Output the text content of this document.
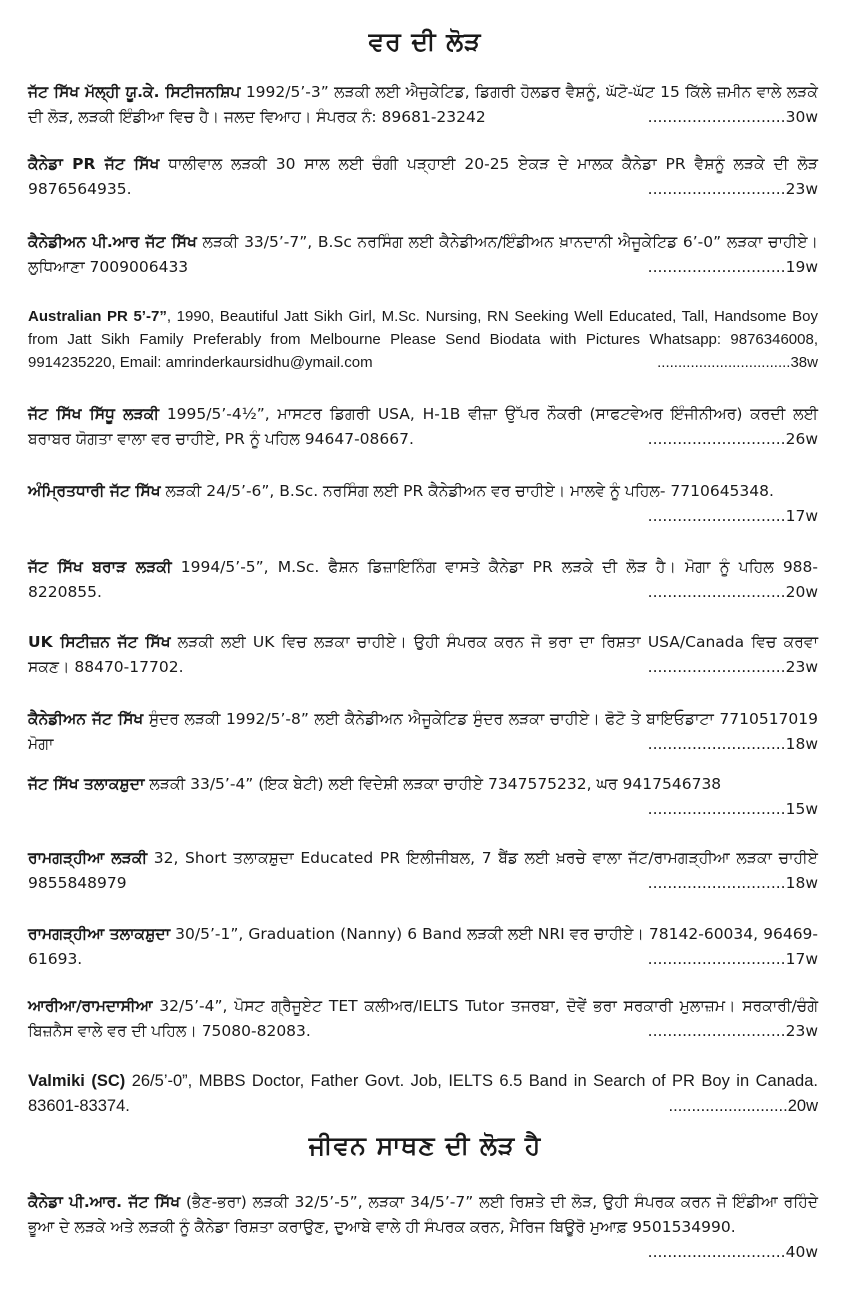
ਵਰ ਦੀ ਲੋੜ
ਜੱਟ ਸਿੱਖ ਮੱਲ੍ਹੀ ਯੂ.ਕੇ. ਸਿਟੀਜਨਸ਼ਿਪ 1992/5’-3” ਲੜਕੀ ਲਈ ਐਜੁਕੇਟਿਡ, ਡਿਗਰੀ ਹੋਲਡਰ ਵੈਸ਼ਨੂੰ, ਘੱਟੋ-ਘੱਟ 15 ਕਿੱਲੇ ਜ਼ਮੀਨ ਵਾਲੇ ਲੜਕੇ ਦੀ ਲੋੜ, ਲੜਕੀ ਇੰਡੀਆ ਵਿਚ ਹੈ। ਜਲਦ ਵਿਆਹ। ਸੰਪਰਕ ਨੰ: 89681-23242	............................30w
ਕੈਨੇਡਾ PR ਜੱਟ ਸਿੱਖ ਧਾਲੀਵਾਲ ਲੜਕੀ 30 ਸਾਲ ਲਈ ਚੰਗੀ ਪੜ੍ਹਾਈ 20-25 ਏਕੜ ਦੇ ਮਾਲਕ ਕੈਨੇਡਾ PR ਵੈਸ਼ਨੂੰ ਲੜਕੇ ਦੀ ਲੋੜ 9876564935.	............................23w
ਕੈਨੇਡੀਅਨ ਪੀ.ਆਰ ਜੱਟ ਸਿੱਖ ਲੜਕੀ 33/5’-7”, B.Sc ਨਰਸਿੰਗ ਲਈ ਕੈਨੇਡੀਅਨ/ਇੰਡੀਅਨ ਖ਼ਾਨਦਾਨੀ ਐਜੂਕੇਟਿਡ 6’-0” ਲੜਕਾ ਚਾਹੀਏ। ਲੁਧਿਆਣਾ 7009006433	............................19w
Australian PR 5’-7”, 1990, Beautiful Jatt Sikh Girl, M.Sc. Nursing, RN Seeking Well Educated, Tall, Handsome Boy from Jatt Sikh Family Preferably from Melbourne Please Send Biodata with Pictures Whatsapp: 9876346008, 9914235220, Email: amrinderkaursidhu@ymail.com	................................38w
ਜੱਟ ਸਿੱਖ ਸਿੱਧੂ ਲੜਕੀ 1995/5’-4½”, ਮਾਸਟਰ ਡਿਗਰੀ USA, H-1B ਵੀਜ਼ਾ ਉੱਪਰ ਨੌਕਰੀ (ਸਾਫਟਵੇਅਰ ਇੰਜੀਨੀਅਰ) ਕਰਦੀ ਲਈ ਬਰਾਬਰ ਯੋਗਤਾ ਵਾਲਾ ਵਰ ਚਾਹੀਏ, PR ਨੂੰ ਪਹਿਲ 94647-08667.	............................26w
ਅੰਮ੍ਰਿਤਧਾਰੀ ਜੱਟ ਸਿੱਖ ਲੜਕੀ 24/5’-6”, B.Sc. ਨਰਸਿੰਗ ਲਈ PR ਕੈਨੇਡੀਅਨ ਵਰ ਚਾਹੀਏ। ਮਾਲਵੇ ਨੂੰ ਪਹਿਲ- 7710645348.
............................17w
ਜੱਟ ਸਿੱਖ ਬਰਾੜ ਲੜਕੀ 1994/5’-5”, M.Sc. ਫੈਸ਼ਨ ਡਿਜ਼ਾਇਨਿੰਗ ਵਾਸਤੇ ਕੈਨੇਡਾ PR ਲੜਕੇ ਦੀ ਲੋੜ ਹੈ। ਮੋਗਾ ਨੂੰ ਪਹਿਲ 988- 8220855.	............................20w
UK ਸਿਟੀਜ਼ਨ ਜੱਟ ਸਿੱਖ ਲੜਕੀ ਲਈ UK ਵਿਚ ਲੜਕਾ ਚਾਹੀਏ। ਉਹੀ ਸੰਪਰਕ ਕਰਨ ਜੋ ਭਰਾ ਦਾ ਰਿਸ਼ਤਾ USA/Canada ਵਿਚ ਕਰਵਾ ਸਕਣ। 88470-17702.	............................23w
ਕੈਨੇਡੀਅਨ ਜੱਟ ਸਿੱਖ ਸੁੰਦਰ ਲੜਕੀ 1992/5’-8” ਲਈ ਕੈਨੇਡੀਅਨ ਐਜੂਕੇਟਿਡ ਸੁੰਦਰ ਲੜਕਾ ਚਾਹੀਏ। ਫੋਟੋ ਤੇ ਬਾਇਓਡਾਟਾ 7710517019 ਮੋਗਾ	............................18w
ਜੱਟ ਸਿੱਖ ਤਲਾਕਸ਼ੁਦਾ ਲੜਕੀ 33/5’-4” (ਇਕ ਬੇਟੀ) ਲਈ ਵਿਦੇਸ਼ੀ ਲੜਕਾ ਚਾਹੀਏ 7347575232, ਘਰ 9417546738
............................15w
ਰਾਮਗੜ੍ਹੀਆ ਲੜਕੀ 32, Short ਤਲਾਕਸ਼ੁਦਾ Educated PR ਇਲੀਜੀਬਲ, 7 ਬੈਂਡ ਲਈ ਖ਼ਰਚੇ ਵਾਲਾ ਜੱਟ/ਰਾਮਗੜ੍ਹੀਆ ਲੜਕਾ ਚਾਹੀਏ 9855848979	............................18w
ਰਾਮਗੜ੍ਹੀਆ ਤਲਾਕਸ਼ੁਦਾ 30/5’-1”, Graduation (Nanny) 6 Band ਲੜਕੀ ਲਈ NRI ਵਰ ਚਾਹੀਏ। 78142-60034, 96469-61693.	............................17w
ਆਰੀਆ/ਰਾਮਦਾਸੀਆ 32/5’-4”, ਪੋਸਟ ਗ੍ਰੈਜੂਏਟ TET ਕਲੀਅਰ/IELTS Tutor ਤਜਰਬਾ, ਦੋਵੇਂ ਭਰਾ ਸਰਕਾਰੀ ਮੁਲਾਜ਼ਮ। ਸਰਕਾਰੀ/ਚੰਗੇ ਬਿਜ਼ਨੈਸ ਵਾਲੇ ਵਰ ਦੀ ਪਹਿਲ। 75080-82083.	............................23w
Valmiki (SC) 26/5’-0”, MBBS Doctor, Father Govt. Job, IELTS 6.5 Band in Search of PR Boy in Canada. 83601-83374.	..........................20w
ਜੀਵਨ ਸਾਥਣ ਦੀ ਲੋੜ ਹੈ
ਕੈਨੇਡਾ ਪੀ.ਆਰ. ਜੱਟ ਸਿੱਖ (ਭੈਣ-ਭਰਾ) ਲੜਕੀ 32/5’-5”, ਲੜਕਾ 34/5’-7” ਲਈ ਰਿਸ਼ਤੇ ਦੀ ਲੋੜ, ਉਹੀ ਸੰਪਰਕ ਕਰਨ ਜੋ ਇੰਡੀਆ ਰਹਿੰਦੇ ਭੂਆ ਦੇ ਲੜਕੇ ਅਤੇ ਲੜਕੀ ਨੂੰ ਕੈਨੇਡਾ ਰਿਸ਼ਤਾ ਕਰਾਉਣ, ਦੁਆਬੇ ਵਾਲੇ ਹੀ ਸੰਪਰਕ ਕਰਨ, ਮੈਰਿਜ ਬਿਊਰੋ ਮੁਆਫ਼ 9501534990.
............................40w
